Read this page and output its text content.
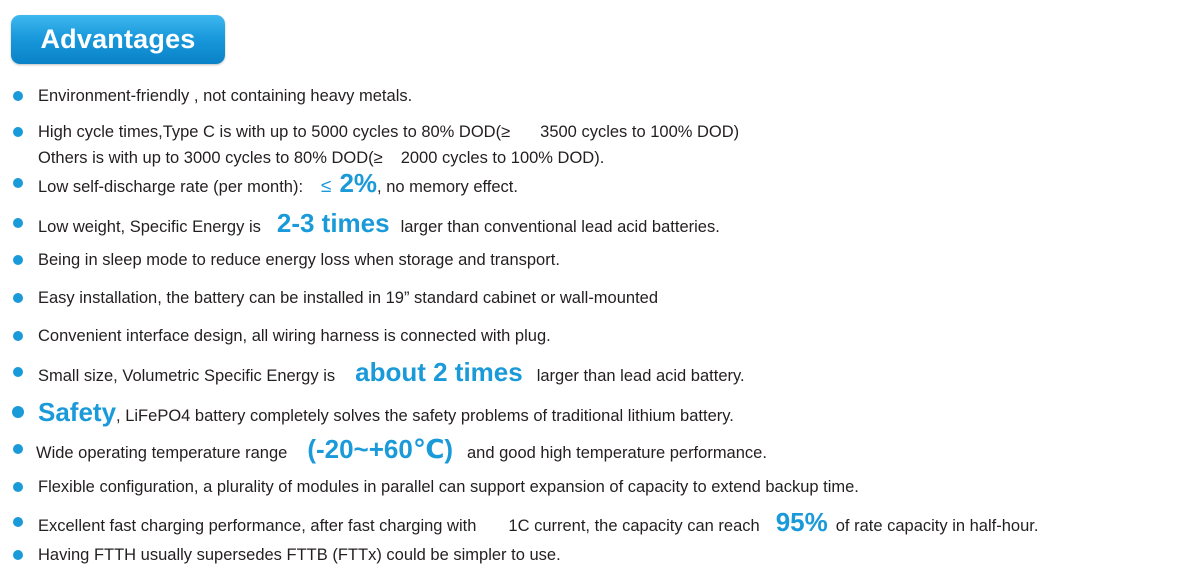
Advantages
Environment-friendly , not containing heavy metals.
High cycle times,Type C is with up to 5000 cycles to 80% DOD(≥ 3500 cycles to 100% DOD)
Others is with up to 3000 cycles to 80% DOD(≥ 2000 cycles to 100% DOD).
Low self-discharge rate (per month): ≤ 2% , no memory effect.
Low weight, Specific Energy is 2-3 times larger than conventional lead acid batteries.
Being in sleep mode to reduce energy loss when storage and transport.
Easy installation, the battery can be installed in 19” standard cabinet or wall-mounted
Convenient interface design, all wiring harness is connected with plug.
Small size, Volumetric Specific Energy is about 2 times larger than lead acid battery.
Safety , LiFePO4 battery completely solves the safety problems of traditional lithium battery.
Wide operating temperature range (-20~+60℃) and good high temperature performance.
Flexible configuration, a plurality of modules in parallel can support expansion of capacity to extend backup time.
Excellent fast charging performance, after fast charging with 1C current, the capacity can reach 95% of rate capacity in half-hour.
Having FTTH usually supersedes FTTB (FTTx) could be simpler to use.
